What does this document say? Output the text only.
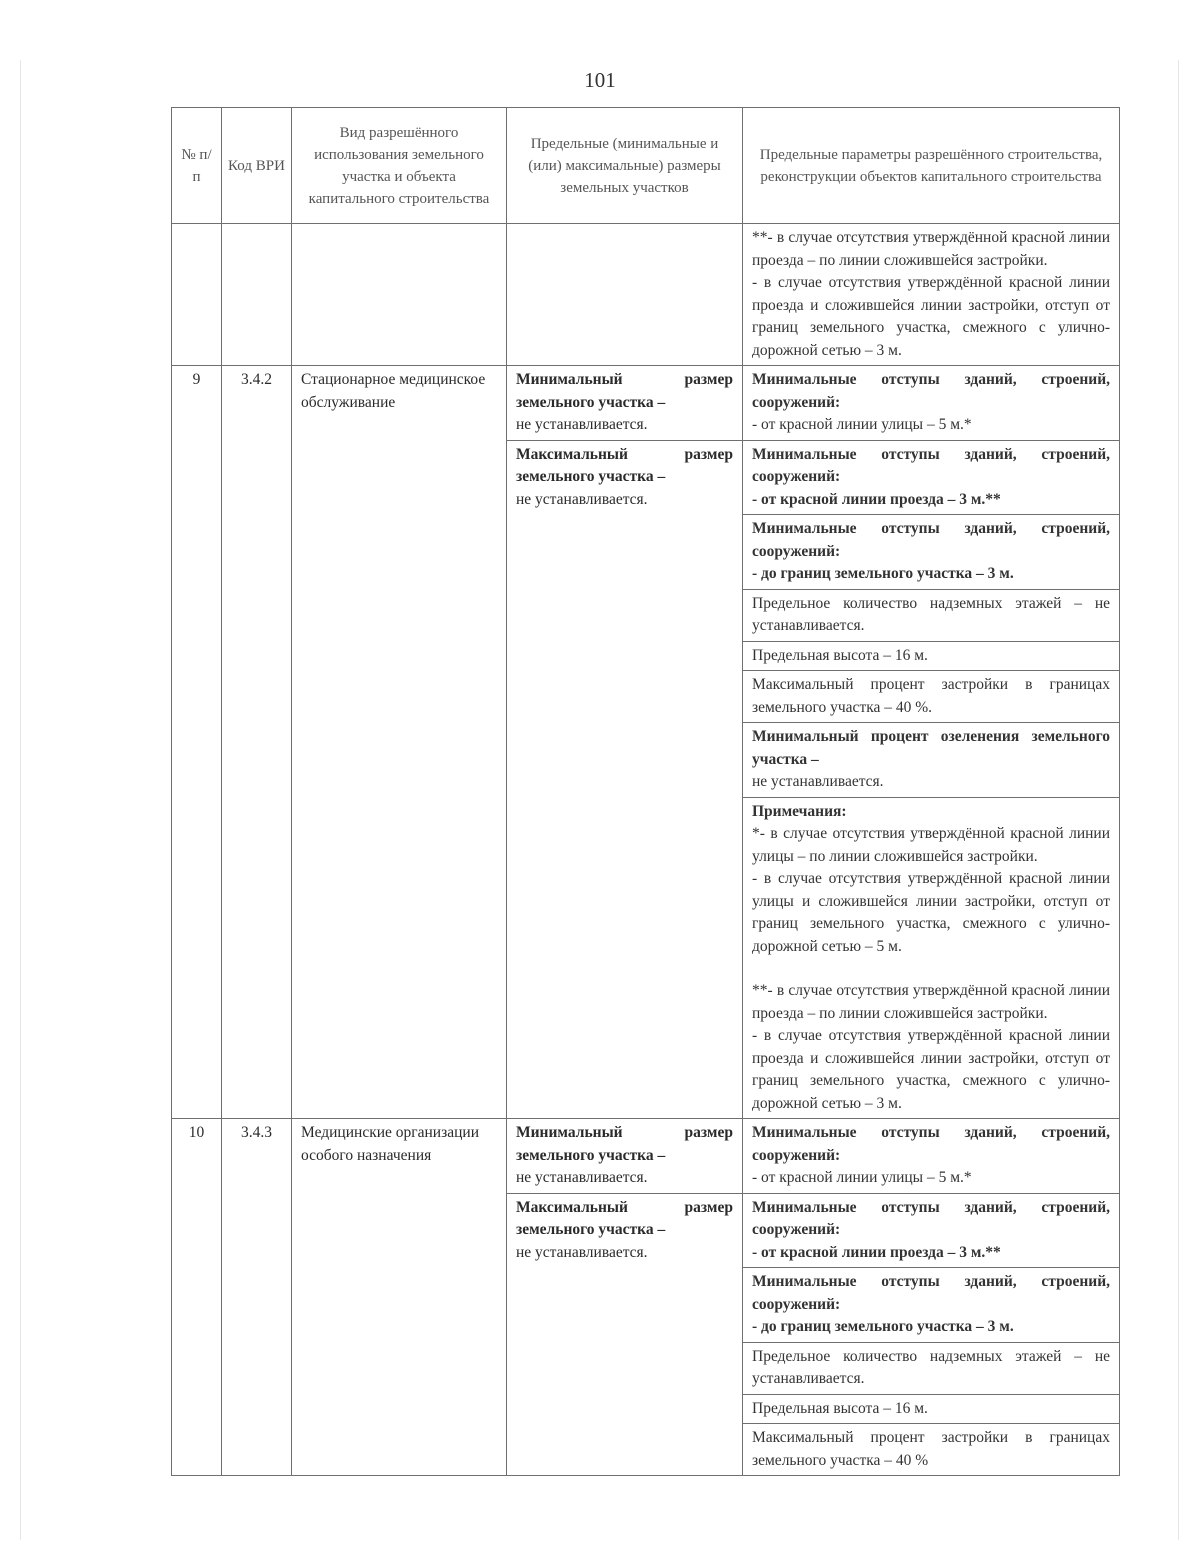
101
№ п/п	Код ВРИ	Вид разрешённого использования земельного участка и объекта капитального строительства	Предельные (минимальные и (или) максимальные) размеры земельных участков	Предельные параметры разрешённого строительства, реконструкции объектов капитального строительства

				**- в случае отсутствия утверждённой красной линии проезда – по линии сложившейся застройки.
- в случае отсутствия утверждённой красной линии проезда и сложившейся линии застройки, отступ от границ земельного участка, смежного с улично-дорожной сетью – 3 м.

9	3.4.2	Стационарное медицинское обслуживание	Минимальный размер земельного участка –
не устанавливается.	Минимальные отступы зданий, строений, сооружений:
- от красной линии улицы – 5 м.*

			Максимальный размер земельного участка –
не устанавливается.	Минимальные отступы зданий, строений, сооружений:
- от красной линии проезда – 3 м.**

				Минимальные отступы зданий, строений, сооружений:
- до границ земельного участка – 3 м.

				Предельное количество надземных этажей – не устанавливается.
				Предельная высота – 16 м.
				Максимальный процент застройки в границах земельного участка – 40 %.

				Минимальный процент озеленения земельного участка –
не устанавливается.

				Примечания:
*- в случае отсутствия утверждённой красной линии улицы – по линии сложившейся застройки.
- в случае отсутствия утверждённой красной линии улицы и сложившейся линии застройки, отступ от границ земельного участка, смежного с улично-дорожной сетью – 5 м.
**- в случае отсутствия утверждённой красной линии проезда – по линии сложившейся застройки.
- в случае отсутствия утверждённой красной линии проезда и сложившейся линии застройки, отступ от границ земельного участка, смежного с улично-дорожной сетью – 3 м.

10	3.4.3	Медицинские организации особого назначения	Минимальный размер земельного участка –
не устанавливается.	Минимальные отступы зданий, строений, сооружений:
- от красной линии улицы – 5 м.*

			Максимальный размер земельного участка –
не устанавливается.	Минимальные отступы зданий, строений, сооружений:
- от красной линии проезда – 3 м.**

				Минимальные отступы зданий, строений, сооружений:
- до границ земельного участка – 3 м.

				Предельное количество надземных этажей – не устанавливается.
				Предельная высота – 16 м.
				Максимальный процент застройки в границах земельного участка – 40 %
